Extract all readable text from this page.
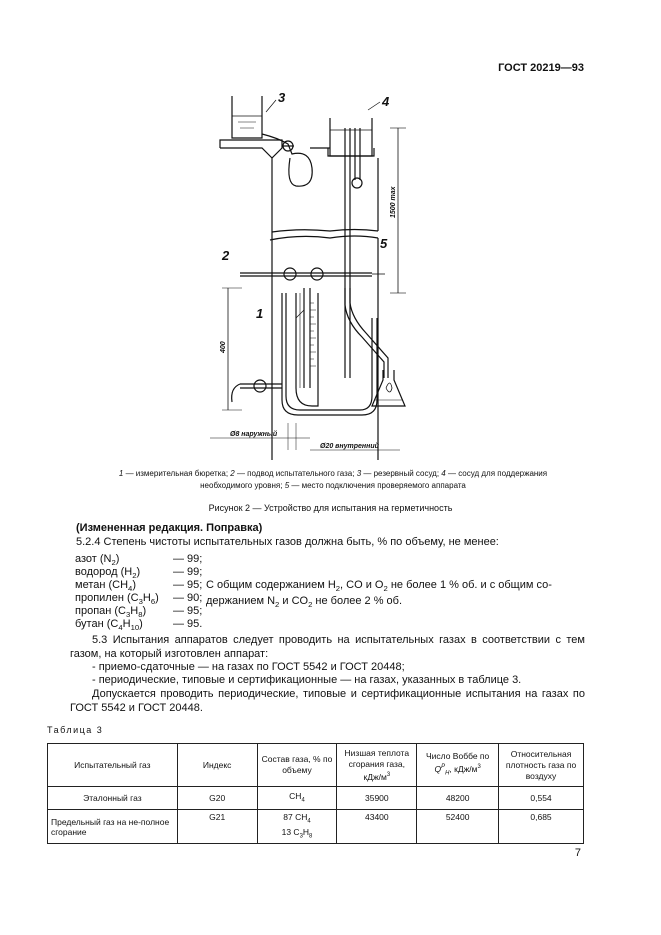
ГОСТ 20219—93
3	4
2
5
1
1500 max
400
Ø8 наружный
Ø20 внутренний
1 — измерительная бюретка; 2 — подвод испытательного газа; 3 — резервный сосуд; 4 — сосуд для поддержания необходимого уровня; 5 — место подключения проверяемого аппарата
Рисунок 2 — Устройство для испытания на герметичность
(Измененная редакция. Поправка)
5.2.4 Степень чистоты испытательных газов должна быть, % по объему, не менее:
азот $(N_2)$	— 99;
водород $(H_2)$	— 99;
метан $(CH_4)$	— 95;
пропилен $(C_3H_6)$ — 90;
пропан $(C_3H_8)$ — 95;
бутан $(C_4H_{10})$	— 95.
С общим содержанием $H_2$, CO и $O_2$ не более 1 % об. и с общим со-
держанием $N_2$ и $CO_2$ не более 2 % об.
5.3 Испытания аппаратов следует проводить на испытательных газах в соответствии с тем газом, на который изготовлен аппарат:
- приемо-сдаточные — на газах по ГОСТ 5542 и ГОСТ 20448;
- периодические, типовые и сертификационные — на газах, указанных в таблице 3.
Допускается проводить периодические, типовые и сертификационные испытания на газах по ГОСТ 5542 и ГОСТ 20448.
Таблица 3
Испытательный газ	Индекс	Состав газа, % по объему	Низшая теплота сгорания газа, кДж/$м^3$	Число Воббе по $Q^Р_Н$, кДж/$м^3$	Относительная плотность газа по воздуху
Эталонный газ	G20	$CH_4$	35900	48200	0,554
Предельный газ на не-полное сгорание	G21	87 $CH_4$
13 $C_3H_8$	43400	52400	0,685
7
